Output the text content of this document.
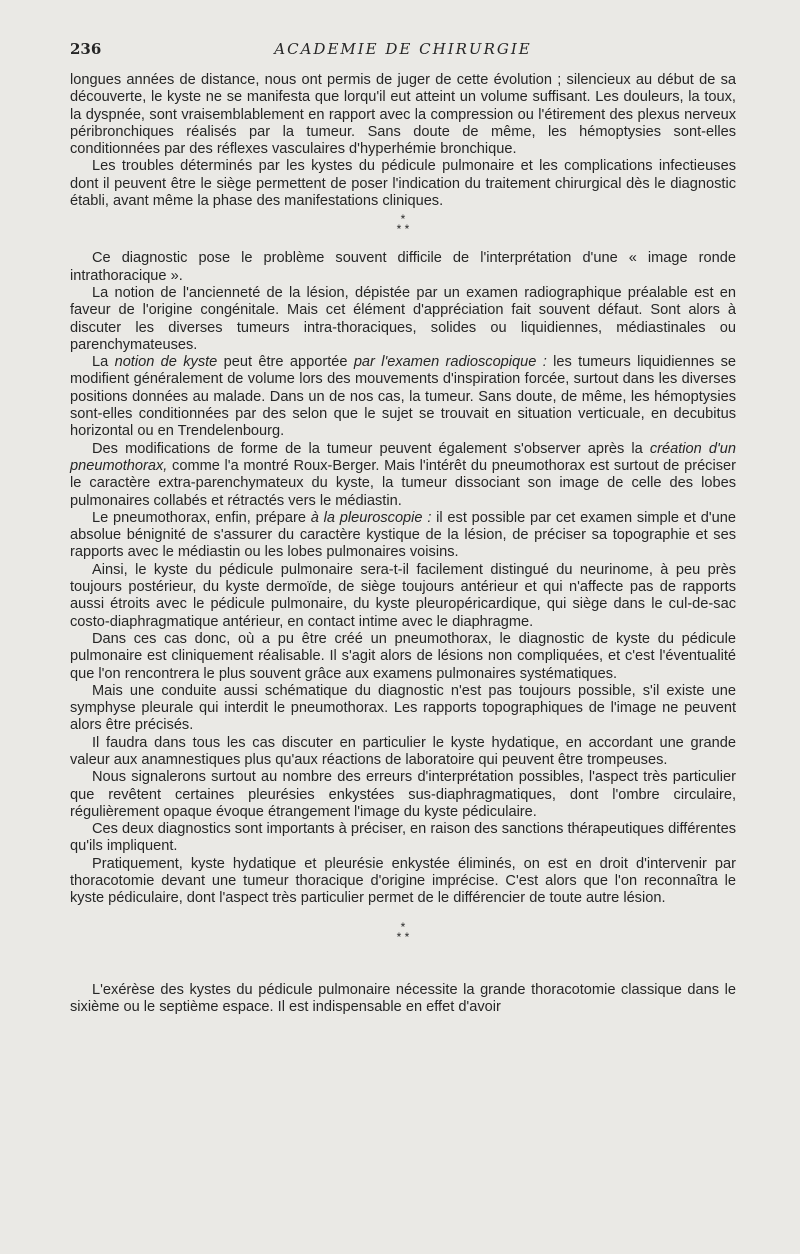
236	ACADEMIE DE CHIRURGIE

longues années de distance, nous ont permis de juger de cette évolution ; silencieux au début de sa découverte, le kyste ne se manifesta que lorqu'il eut atteint un volume suffisant. Les douleurs, la toux, la dyspnée, sont vraisemblablement en rapport avec la compression ou l'étirement des plexus nerveux péribronchiques réalisés par la tumeur. Sans doute de même, les hémoptysies sont-elles conditionnées par des réflexes vasculaires d'hyperhémie bronchique.

Les troubles déterminés par les kystes du pédicule pulmonaire et les complications infectieuses dont il peuvent être le siège permettent de poser l'indication du traitement chirurgical dès le diagnostic établi, avant même la phase des manifestations cliniques.

*
* *

Ce diagnostic pose le problème souvent difficile de l'interprétation d'une « image ronde intrathoracique ».

La notion de l'ancienneté de la lésion, dépistée par un examen radiographique préalable est en faveur de l'origine congénitale. Mais cet élément d'appréciation fait souvent défaut. Sont alors à discuter les diverses tumeurs intra-thoraciques, solides ou liquidiennes, médiastinales ou parenchymateuses.

La notion de kyste peut être apportée par l'examen radioscopique : les tumeurs liquidiennes se modifient généralement de volume lors des mouvements d'inspiration forcée, surtout dans les diverses positions données au malade. Dans un de nos cas, la tumeur. Sans doute, de même, les hémoptysies sont-elles conditionnées par des selon que le sujet se trouvait en situation verticuale, en decubitus horizontal ou en Trendelenbourg.

Des modifications de forme de la tumeur peuvent également s'observer après la création d'un pneumothorax, comme l'a montré Roux-Berger. Mais l'intérêt du pneumothorax est surtout de préciser le caractère extra-parenchymateux du kyste, la tumeur dissociant son image de celle des lobes pulmonaires collabés et rétractés vers le médiastin.

Le pneumothorax, enfin, prépare à la pleuroscopie : il est possible par cet examen simple et d'une absolue bénignité de s'assurer du caractère kystique de la lésion, de préciser sa topographie et ses rapports avec le médiastin ou les lobes pulmonaires voisins.

Ainsi, le kyste du pédicule pulmonaire sera-t-il facilement distingué du neurinome, à peu près toujours postérieur, du kyste dermoïde, de siège toujours antérieur et qui n'affecte pas de rapports aussi étroits avec le pédicule pulmonaire, du kyste pleuropéricardique, qui siège dans le cul-de-sac costo-diaphragmatique antérieur, en contact intime avec le diaphragme.

Dans ces cas donc, où a pu être créé un pneumothorax, le diagnostic de kyste du pédicule pulmonaire est cliniquement réalisable. Il s'agit alors de lésions non compliquées, et c'est l'éventualité que l'on rencontrera le plus souvent grâce aux examens pulmonaires systématiques.

Mais une conduite aussi schématique du diagnostic n'est pas toujours possible, s'il existe une symphyse pleurale qui interdit le pneumothorax. Les rapports topographiques de l'image ne peuvent alors être précisés.

Il faudra dans tous les cas discuter en particulier le kyste hydatique, en accordant une grande valeur aux anamnestiques plus qu'aux réactions de laboratoire qui peuvent être trompeuses.

Nous signalerons surtout au nombre des erreurs d'interprétation possibles, l'aspect très particulier que revêtent certaines pleurésies enkystées sus-diaphragmatiques, dont l'ombre circulaire, régulièrement opaque évoque étrangement l'image du kyste pédiculaire.

Ces deux diagnostics sont importants à préciser, en raison des sanctions thérapeutiques différentes qu'ils impliquent.

Pratiquement, kyste hydatique et pleurésie enkystée éliminés, on est en droit d'intervenir par thoracotomie devant une tumeur thoracique d'origine imprécise. C'est alors que l'on reconnaîtra le kyste pédiculaire, dont l'aspect très particulier permet de le différencier de toute autre lésion.

*
* *

L'exérèse des kystes du pédicule pulmonaire nécessite la grande thoracotomie classique dans le sixième ou le septième espace. Il est indispensable en effet d'avoir
